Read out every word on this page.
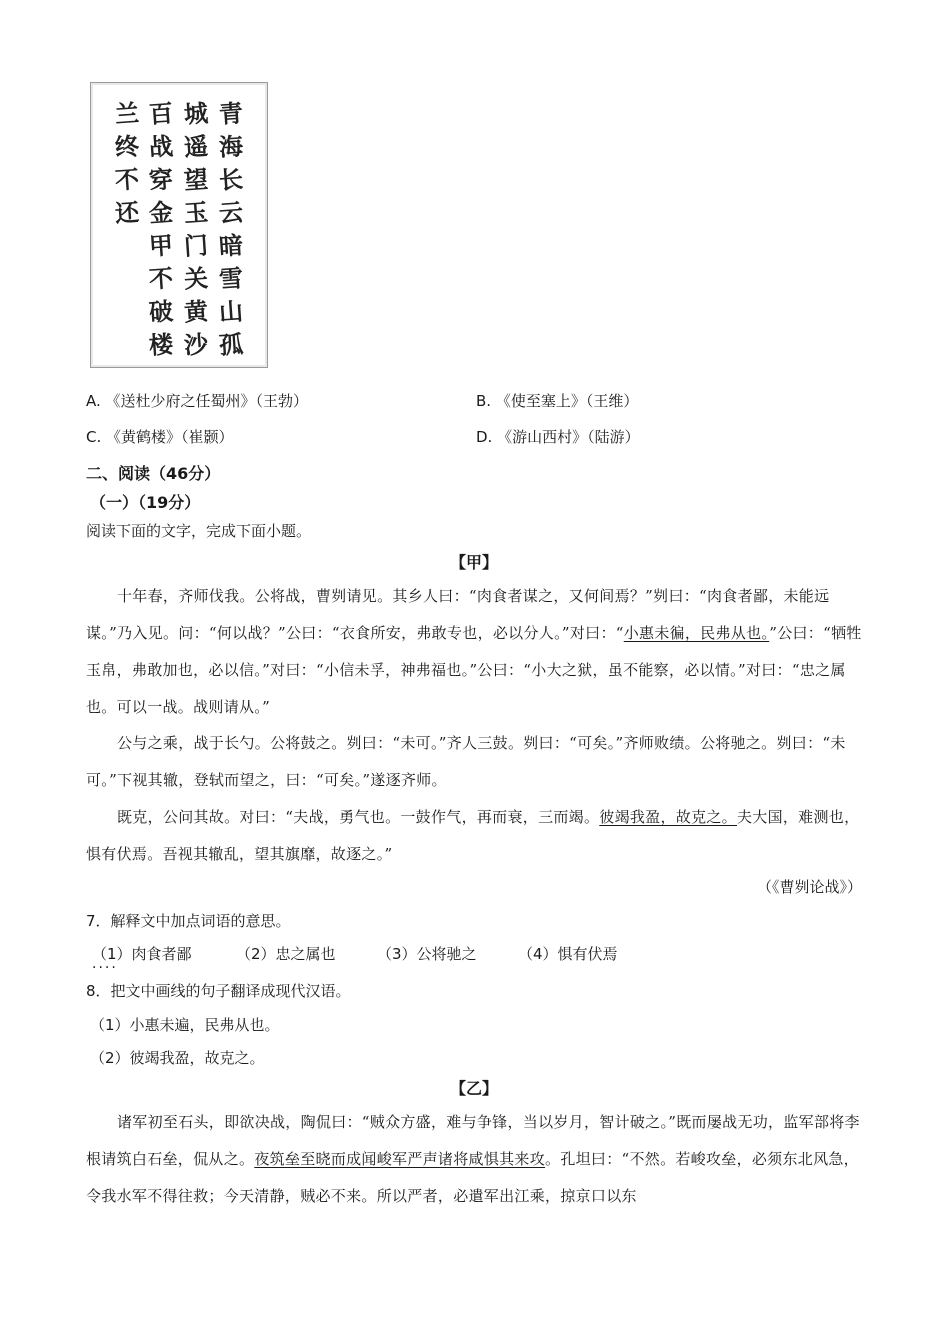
青
海
长
云
暗
雪
山
孤
城
遥
望
玉
门
关
黄
沙
百
战
穿
金
甲
不
破
楼
兰
终
不
还
A. 《送杜少府之任蜀州》（王勃）	B. 《使至塞上》（王维）
C. 《黄鹤楼》（崔颢）	D. 《游山西村》（陆游）
二、阅读（46分）
（一）（19分）
阅读下面的文字，完成下面小题。
【甲】
十年春，齐师伐我。公将战，曹刿请见。其乡人曰：“肉食者谋之，又何间焉？”刿曰：“肉食者鄙，未能远谋。”乃入见。问：“何以战？”公曰：“衣食所安，弗敢专也，必以分人。”对曰：“小惠未徧，民弗从也。”公曰：“牺牲玉帛，弗敢加也，必以信。”对曰：“小信未孚，神弗福也。”公曰：“小大之狱，虽不能察，必以情。”对曰：“忠之属也。可以一战。战则请从。”
公与之乘，战于长勺。公将鼓之。刿曰：“未可。”齐人三鼓。刿曰：“可矣。”齐师败绩。公将驰之。刿曰：“未可。”下视其辙，登轼而望之，曰：“可矣。”遂逐齐师。
既克，公问其故。对曰：“夫战，勇气也。一鼓作气，再而衰，三而竭。彼竭我盈，故克之。夫大国，难测也，惧有伏焉。吾视其辙乱，望其旗靡，故逐之。”
（《曹刿论战》）
7．解释文中加点词语的意思。
（1）肉食者鄙 ....	（2）忠之属也	（3）公将驰之	（4）惧有伏焉
8．把文中画线的句子翻译成现代汉语。
（1）小惠未遍，民弗从也。
（2）彼竭我盈，故克之。
【乙】
诸军初至石头，即欲决战，陶侃曰：“贼众方盛，难与争锋，当以岁月，智计破之。”既而屡战无功，监军部将李根请筑白石垒，侃从之。夜筑垒至晓而成闻峻军严声诸将咸惧其来攻。孔坦曰：“不然。若峻攻垒，必须东北风急，令我水军不得往救；今天清静，贼必不来。所以严者，必遣军出江乘，掠京口以东
